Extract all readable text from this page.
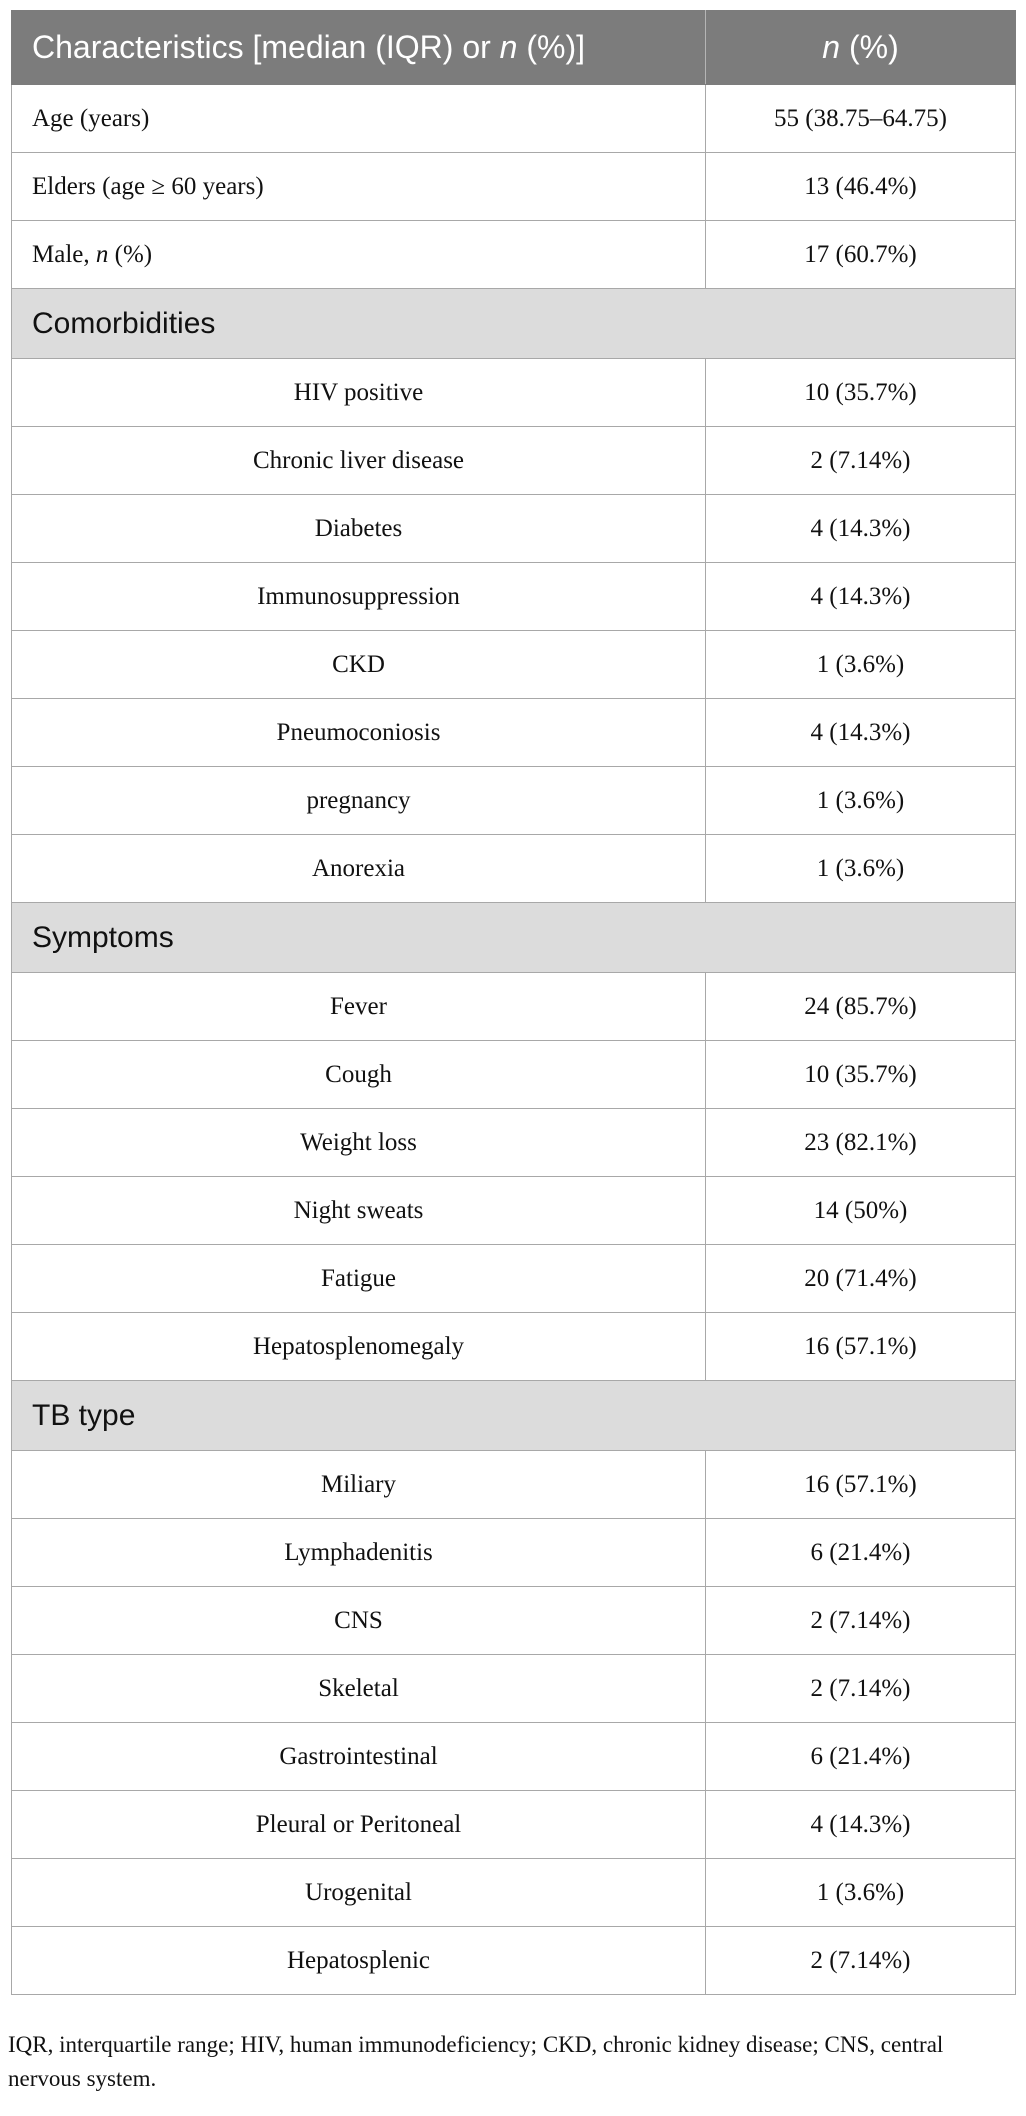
Characteristics [median (IQR) or n (%)]	n (%)
Age (years)	55 (38.75–64.75)
Elders (age ≥ 60 years)	13 (46.4%)
Male, n (%)	17 (60.7%)
Comorbidities	
HIV positive	10 (35.7%)
Chronic liver disease	2 (7.14%)
Diabetes	4 (14.3%)
Immunosuppression	4 (14.3%)
CKD	1 (3.6%)
Pneumoconiosis	4 (14.3%)
pregnancy	1 (3.6%)
Anorexia	1 (3.6%)
Symptoms	
Fever	24 (85.7%)
Cough	10 (35.7%)
Weight loss	23 (82.1%)
Night sweats	14 (50%)
Fatigue	20 (71.4%)
Hepatosplenomegaly	16 (57.1%)
TB type	
Miliary	16 (57.1%)
Lymphadenitis	6 (21.4%)
CNS	2 (7.14%)
Skeletal	2 (7.14%)
Gastrointestinal	6 (21.4%)
Pleural or Peritoneal	4 (14.3%)
Urogenital	1 (3.6%)
Hepatosplenic	2 (7.14%)
IQR, interquartile range; HIV, human immunodeficiency; CKD, chronic kidney disease; CNS, central nervous system.
